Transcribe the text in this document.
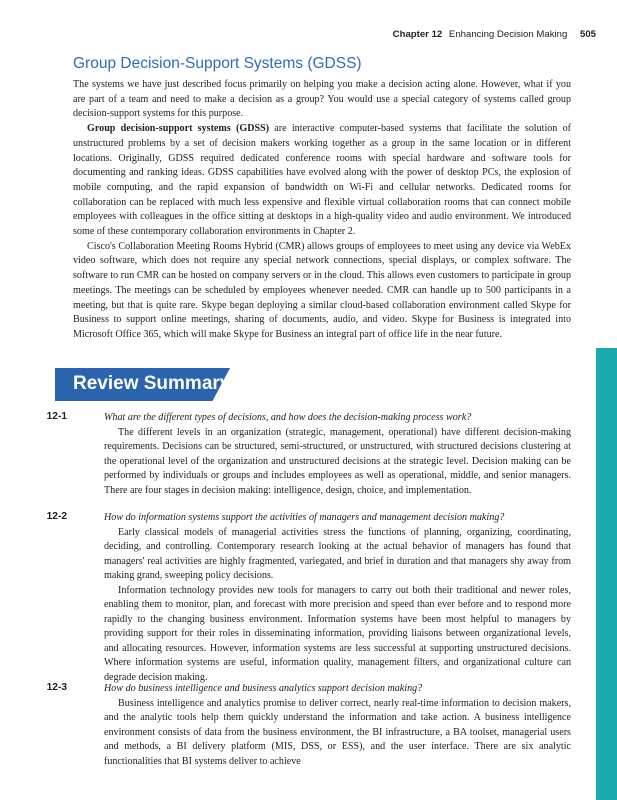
Chapter 12 Enhancing Decision Making 505
Group Decision-Support Systems (GDSS)

The systems we have just described focus primarily on helping you make a decision acting alone. However, what if you are part of a team and need to make a decision as a group? You would use a special category of systems called group decision-support systems for this purpose.

Group decision-support systems (GDSS) are interactive computer-based systems that facilitate the solution of unstructured problems by a set of decision makers working together as a group in the same location or in different locations. Originally, GDSS required dedicated conference rooms with special hardware and software tools for documenting and ranking ideas. GDSS capabilities have evolved along with the power of desktop PCs, the explosion of mobile computing, and the rapid expansion of bandwidth on Wi-Fi and cellular networks. Dedicated rooms for collaboration can be replaced with much less expensive and flexible virtual collaboration rooms that can connect mobile employees with colleagues in the office sitting at desktops in a high-quality video and audio environment. We introduced some of these contemporary collaboration environments in Chapter 2.

Cisco's Collaboration Meeting Rooms Hybrid (CMR) allows groups of employees to meet using any device via WebEx video software, which does not require any special network connections, special displays, or complex software. The software to run CMR can be hosted on company servers or in the cloud. This allows even customers to participate in group meetings. The meetings can be scheduled by employees whenever needed. CMR can handle up to 500 participants in a meeting, but that is quite rare. Skype began deploying a similar cloud-based collaboration environment called Skype for Business to support online meetings, sharing of documents, audio, and video. Skype for Business is integrated into Microsoft Office 365, which will make Skype for Business an integral part of office life in the near future.

Review Summary
12-1	What are the different types of decisions, and how does the decision-making process work?

The different levels in an organization (strategic, management, operational) have different decision-making requirements. Decisions can be structured, semi-structured, or unstructured, with structured decisions clustering at the operational level of the organization and unstructured decisions at the strategic level. Decision making can be performed by individuals or groups and includes employees as well as operational, middle, and senior managers. There are four stages in decision making: intelligence, design, choice, and implementation.

12-2	How do information systems support the activities of managers and management decision making?

Early classical models of managerial activities stress the functions of planning, organizing, coordinating, deciding, and controlling. Contemporary research looking at the actual behavior of managers has found that managers' real activities are highly fragmented, variegated, and brief in duration and that managers shy away from making grand, sweeping policy decisions.

Information technology provides new tools for managers to carry out both their traditional and newer roles, enabling them to monitor, plan, and forecast with more precision and speed than ever before and to respond more rapidly to the changing business environment. Information systems have been most helpful to managers by providing support for their roles in disseminating information, providing liaisons between organizational levels, and allocating resources. However, information systems are less successful at supporting unstructured decisions. Where information systems are useful, information quality, management filters, and organizational culture can degrade decision making.

12-3	How do business intelligence and business analytics support decision making?

Business intelligence and analytics promise to deliver correct, nearly real-time information to decision makers, and the analytic tools help them quickly understand the information and take action. A business intelligence environment consists of data from the business environment, the BI infrastructure, a BA toolset, managerial users and methods, a BI delivery platform (MIS, DSS, or ESS), and the user interface. There are six analytic functionalities that BI systems deliver to achieve
